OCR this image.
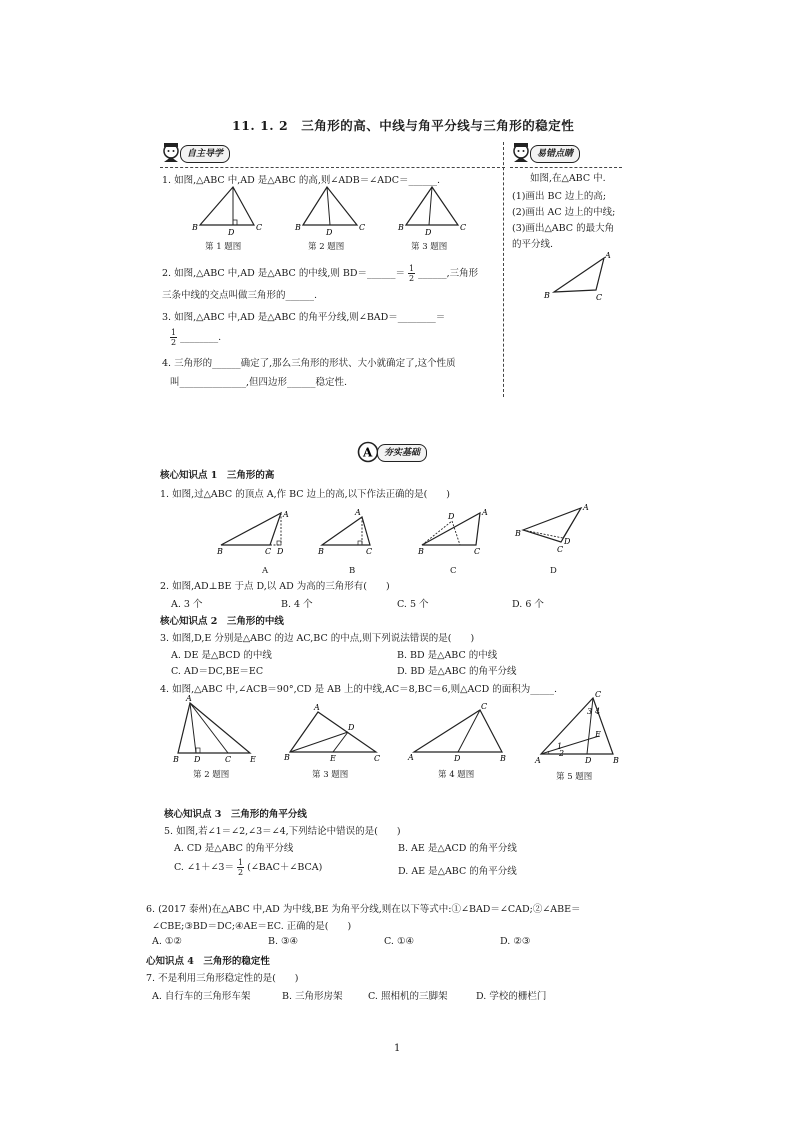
11. 1. 2　三角形的高、中线与角平分线与三角形的稳定性
自主导学	易错点睛
1. 如图,△ABC 中,AD 是△ABC 的高,则∠ADB＝∠ADC＝______.
B
D
C
第 1 题图
B
D
C
第 2 题图
B
D
C
第 3 题图
2. 如图,△ABC 中,AD 是△ABC 的中线,则 BD＝______＝ $\frac{1}{2}$ ______,三角形
三条中线的交点叫做三角形的______.
3. 如图,△ABC 中,AD 是△ABC 的角平分线,则∠BAD＝________＝
$\frac{1}{2}$ ________.
4. 三角形的______确定了,那么三角形的形状、大小就确定了,这个性质
叫______________,但四边形______稳定性.
如图,在△ABC 中.
(1)画出 BC 边上的高;
(2)画出 AC 边上的中线;
(3)画出△ABC 的最大角
的平分线.
A
B	C
A	夯实基础
核心知识点 1　三角形的高
1. 如图,过△ABC 的顶点 A,作 BC 边上的高,以下作法正确的是(　　)
A
B	C D
A
A
B	C
B
A
B
D
C
C
A
B
D
C
D
2. 如图,AD⊥BE 于点 D,以 AD 为高的三角形有(　　)
A. 3 个	B. 4 个	C. 5 个	D. 6 个
核心知识点 2　三角形的中线
3. 如图,D,E 分别是△ABC 的边 AC,BC 的中点,则下列说法错误的是(　　)
A. DE 是△BCD 的中线	B. BD 是△ABC 的中线
C. AD＝DC,BE＝EC	D. BD 是△ABC 的角平分线
4. 如图,△ABC 中,∠ACB＝90°,CD 是 AB 上的中线,AC＝8,BC＝6,则△ACD 的面积为_____.
A
B D	C E
第 2 题图
A
D
B	E	C
第 3 题图
C
A	D	B
第 4 题图
C
E
A	D	B
1
2
3 4
第 5 题图
核心知识点 3　三角形的角平分线
5. 如图,若∠1＝∠2,∠3＝∠4,下列结论中错误的是(　　)
A. CD 是△ABC 的角平分线	B. AE 是△ACD 的角平分线
C. ∠1＋∠3＝ $\frac{1}{2}$ (∠BAC＋∠BCA)	D. AE 是△ABC 的角平分线
6. (2017 泰州)在△ABC 中,AD 为中线,BE 为角平分线,则在以下等式中:①∠BAD＝∠CAD;②∠ABE＝
∠CBE;③BD＝DC;④AE＝EC. 正确的是(　　)
A. ①②	B. ③④	C. ①④	D. ②③
心知识点 4　三角形的稳定性
7. 不是利用三角形稳定性的是(　　)
A. 自行车的三角形车架	B. 三角形房架	C. 照相机的三脚架	D. 学校的栅栏门
1
